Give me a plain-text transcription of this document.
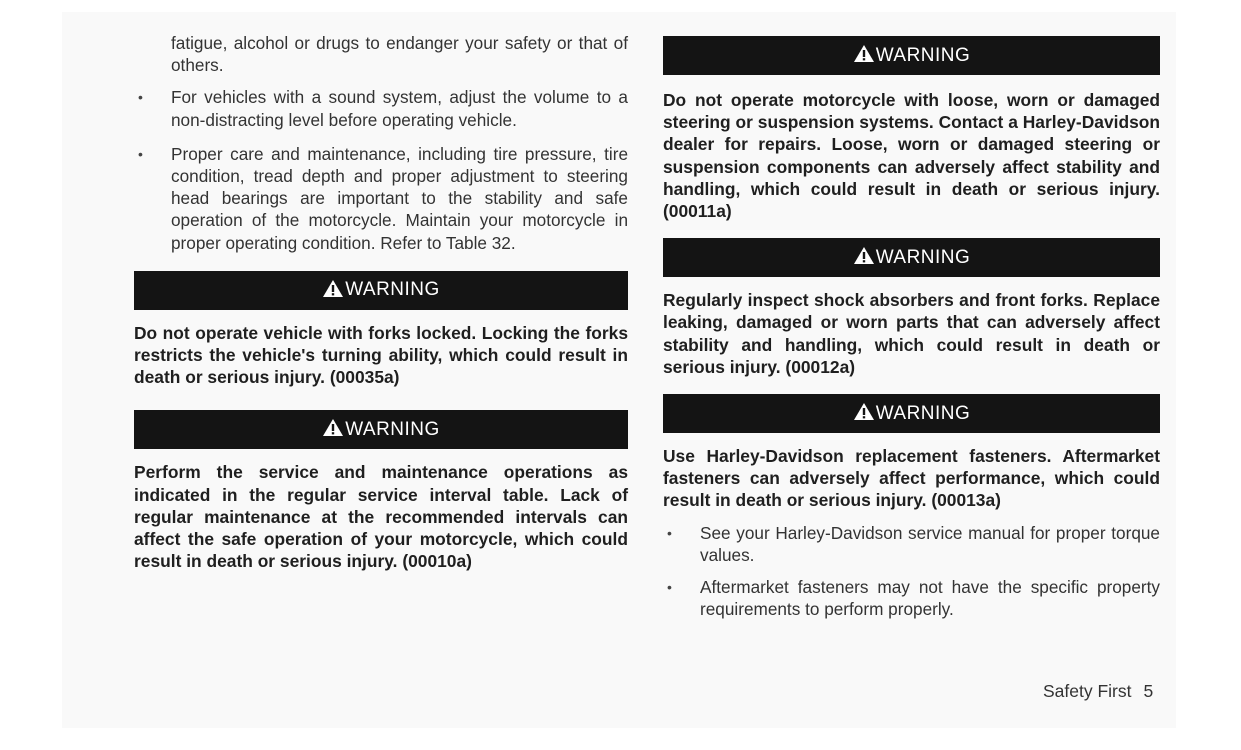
fatigue, alcohol or drugs to endanger your safety or that of others.

• For vehicles with a sound system, adjust the volume to a non-distracting level before operating vehicle.
• Proper care and maintenance, including tire pressure, tire condition, tread depth and proper adjustment to steering head bearings are important to the stability and safe operation of the motorcycle. Maintain your motorcycle in proper operating condition. Refer to Table 32.
WARNING

Do not operate vehicle with forks locked. Locking the forks restricts the vehicle's turning ability, which could result in death or serious injury. (00035a)

WARNING

Perform the service and maintenance operations as indicated in the regular service interval table. Lack of regular maintenance at the recommended intervals can affect the safe operation of your motorcycle, which could result in death or serious injury. (00010a)

WARNING

Do not operate motorcycle with loose, worn or damaged steering or suspension systems. Contact a Harley-Davidson dealer for repairs. Loose, worn or damaged steering or suspension components can adversely affect stability and handling, which could result in death or serious injury. (00011a)

WARNING

Regularly inspect shock absorbers and front forks. Replace leaking, damaged or worn parts that can adversely affect stability and handling, which could result in death or serious injury. (00012a)

WARNING

Use Harley-Davidson replacement fasteners. Aftermarket fasteners can adversely affect performance, which could result in death or serious injury. (00013a)

• See your Harley-Davidson service manual for proper torque values.
• Aftermarket fasteners may not have the specific property requirements to perform properly.
Safety First 5
